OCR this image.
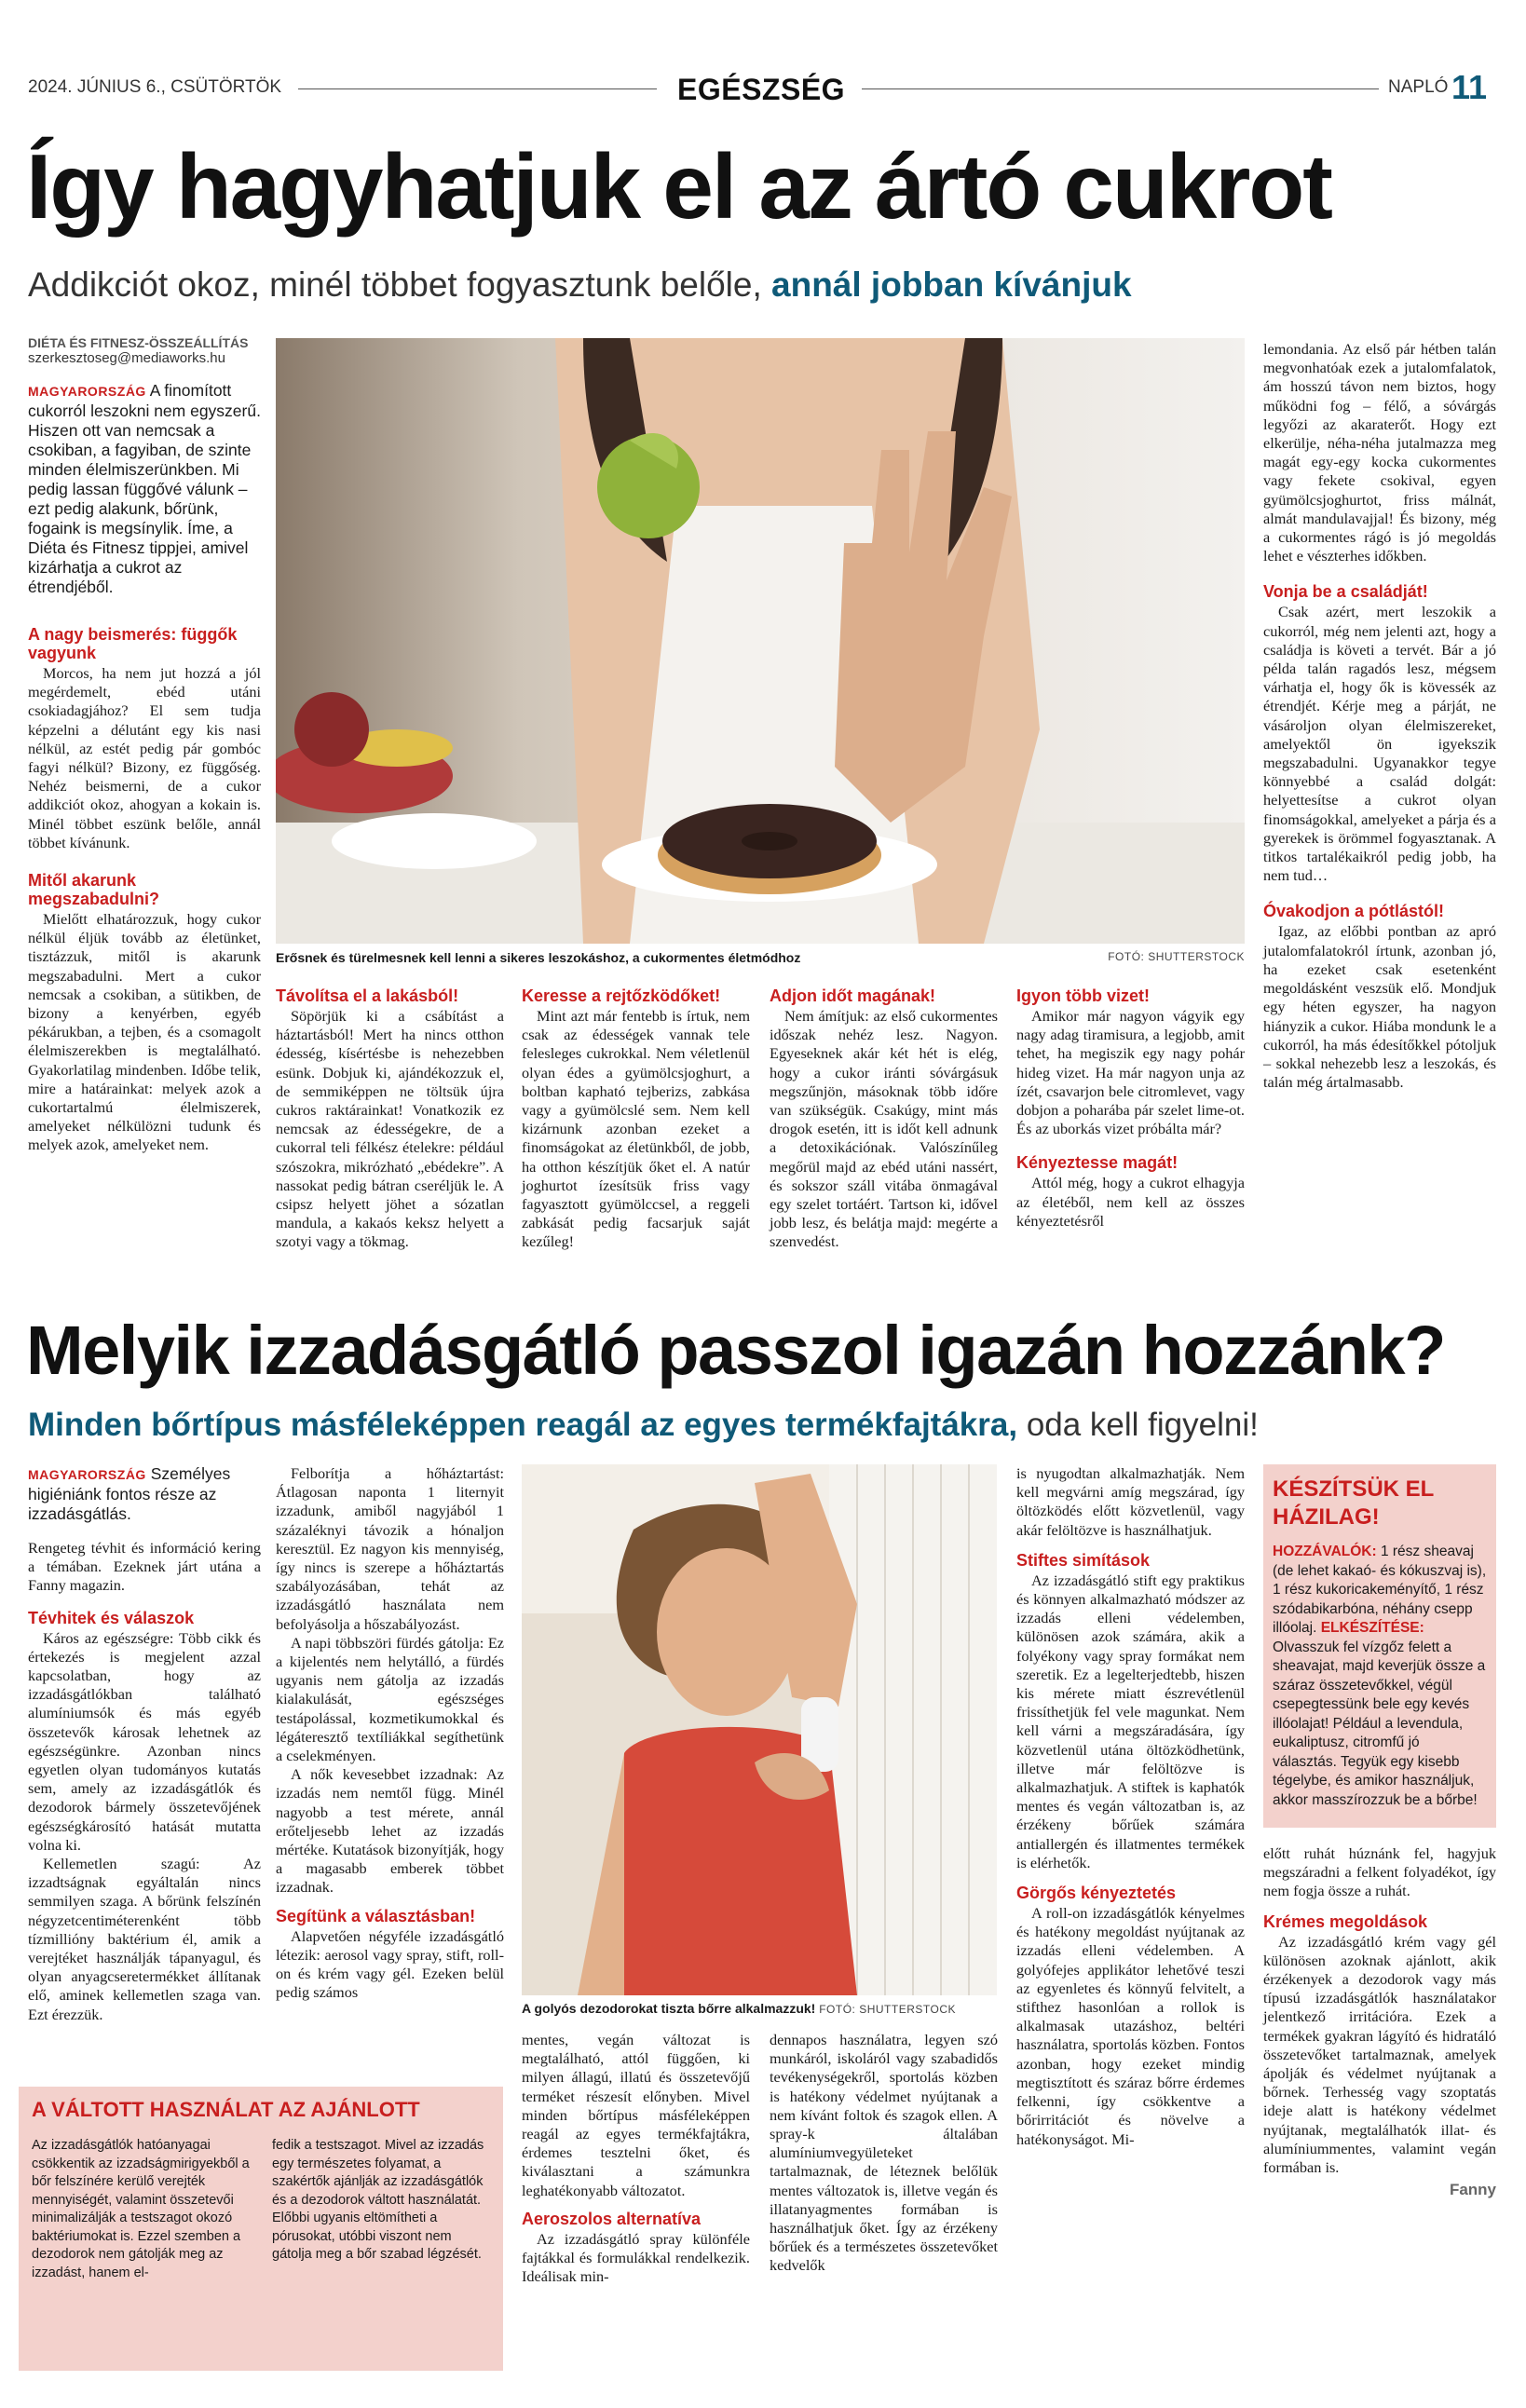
2024. JÚNIUS 6., CSÜTÖRTÖK	EGÉSZSÉG	NAPLÓ 11
Így hagyhatjuk el az ártó cukrot
Addikciót okoz, minél többet fogyasztunk belőle, annál jobban kívánjuk
DIÉTA ÉS FITNESZ-ÖSSZEÁLLÍTÁS
szerkesztoseg@mediaworks.hu

MAGYARORSZÁG A finomított cukorról leszokni nem egyszerű. Hiszen ott van nemcsak a csokiban, a fagyiban, de szinte minden élelmiszerünkben. Mi pedig lassan függővé válunk – ezt pedig alakunk, bőrünk, fogaink is megsínylik. Íme, a Diéta és Fitnesz tippjei, amivel kizárhatja a cukrot az étrendjéből.

A nagy beismerés: függők vagyunk

Morcos, ha nem jut hozzá a jól megérdemelt, ebéd utáni csokiadagjához? El sem tudja képzelni a délutánt egy kis nasi nélkül, az estét pedig pár gombóc fagyi nélkül? Bizony, ez függőség. Nehéz beismerni, de a cukor addikciót okoz, ahogyan a kokain is. Minél többet eszünk belőle, annál többet kívánunk.

Mitől akarunk megszabadulni?

Mielőtt elhatározzuk, hogy cukor nélkül éljük tovább az életünket, tisztázzuk, mitől is akarunk megszabadulni. Mert a cukor nemcsak a csokiban, a sütikben, de bizony a kenyérben, egyéb pékárukban, a tejben, és a csomagolt élelmiszerekben is megtalálható. Gyakorlatilag mindenben. Időbe telik, mire a határainkat: melyek azok a cukortartalmú élelmiszerek, amelyeket nélkülözni tudunk és melyek azok, amelyeket nem.

Erősnek és türelmesnek kell lenni a sikeres leszokáshoz, a cukormentes életmódhoz	FOTÓ: SHUTTERSTOCK
Távolítsa el a lakásból!

Söpörjük ki a csábítást a háztartásból! Mert ha nincs otthon édesség, kísértésbe is nehezebben esünk. Dobjuk ki, ajándékozzuk el, de semmiképpen ne töltsük újra cukros raktárainkat! Vonatkozik ez nemcsak az édességekre, de a cukorral teli félkész ételekre: például szószokra, mikrózható „ebédekre”. A nassokat pedig bátran cseréljük le. A csipsz helyett jöhet a sózatlan mandula, a kakaós keksz helyett a szotyi vagy a tökmag.

Keresse a rejtőzködőket!

Mint azt már fentebb is írtuk, nem csak az édességek vannak tele felesleges cukrokkal. Nem véletlenül olyan édes a gyümölcsjoghurt, a boltban kapható tejberizs, zabkása vagy a gyümölcslé sem. Nem kell kizárnunk azonban ezeket a finomságokat az életünkből, de jobb, ha otthon készítjük őket el. A natúr joghurtot ízesítsük friss vagy fagyasztott gyümölccsel, a reggeli zabkását pedig facsarjuk saját kezűleg!

Adjon időt magának!

Nem ámítjuk: az első cukormentes időszak nehéz lesz. Nagyon. Egyeseknek akár két hét is elég, hogy a cukor iránti sóvárgásuk megszűnjön, másoknak több időre van szükségük. Csakúgy, mint más drogok esetén, itt is időt kell adnunk a detoxikációnak. Valószínűleg megőrül majd az ebéd utáni nassért, és sokszor száll vitába önmagával egy szelet tortáért. Tartson ki, idővel jobb lesz, és belátja majd: megérte a szenvedést.

Igyon több vizet!

Amikor már nagyon vágyik egy nagy adag tiramisura, a legjobb, amit tehet, ha megiszik egy nagy pohár hideg vizet. Ha már nagyon unja az ízét, csavarjon bele citromlevet, vagy dobjon a poharába pár szelet lime-ot. És az uborkás vizet próbálta már?

Kényeztesse magát!

Attól még, hogy a cukrot elhagyja az életéből, nem kell az összes kényeztetésről

lemondania. Az első pár hétben talán megvonhatóak ezek a jutalomfalatok, ám hosszú távon nem biztos, hogy működni fog – félő, a sóvárgás legyőzi az akaraterőt. Hogy ezt elkerülje, néha-néha jutalmazza meg magát egy-egy kocka cukormentes vagy fekete csokival, egyen gyümölcsjoghurtot, friss málnát, almát mandulavajjal! És bizony, még a cukormentes rágó is jó megoldás lehet e vészterhes időkben.

Vonja be a családját!

Csak azért, mert leszokik a cukorról, még nem jelenti azt, hogy a családja is követi a tervét. Bár a jó példa talán ragadós lesz, mégsem várhatja el, hogy ők is kövessék az étrendjét. Kérje meg a párját, ne vásároljon olyan élelmiszereket, amelyektől ön igyekszik megszabadulni. Ugyanakkor tegye könnyebbé a család dolgát: helyettesítse a cukrot olyan finomságokkal, amelyeket a párja és a gyerekek is örömmel fogyasztanak. A titkos tartalékaikról pedig jobb, ha nem tud…

Óvakodjon a pótlástól!

Igaz, az előbbi pontban az apró jutalomfalatokról írtunk, azonban jó, ha ezeket csak esetenként megoldásként veszsük elő. Mondjuk egy héten egyszer, ha nagyon hiányzik a cukor. Hiába mondunk le a cukorról, ha más édesítőkkel pótoljuk – sokkal nehezebb lesz a leszokás, és talán még ártalmasabb.

Melyik izzadásgátló passzol igazán hozzánk?
Minden bőrtípus másféleképpen reagál az egyes termékfajtákra, oda kell figyelni!

MAGYARORSZÁG Személyes higiéniánk fontos része az izzadásgátlás.

Rengeteg tévhit és információ kering a témában. Ezeknek járt utána a Fanny magazin.

Tévhitek és válaszok

Káros az egészségre: Több cikk és értekezés is megjelent azzal kapcsolatban, hogy az izzadásgátlókban található alumíniumsók és más egyéb összetevők károsak lehetnek az egészségünkre. Azonban nincs egyetlen olyan tudományos kutatás sem, amely az izzadásgátlók és dezodorok bármely összetevőjének egészségkárosító hatását mutatta volna ki.

Kellemetlen szagú: Az izzadtságnak egyáltalán nincs semmilyen szaga. A bőrünk felszínén négyzetcentiméterenként több tízmillióny baktérium él, amik a verejtéket használják tápanyagul, és olyan anyagcseretermékket állítanak elő, aminek kellemetlen szaga van. Ezt érezzük.

Felborítja a hőháztartást: Átlagosan naponta 1 liternyit izzadunk, amiből nagyjából 1 százaléknyi távozik a hónaljon keresztül. Ez nagyon kis mennyiség, így nincs is szerepe a hőháztartás szabályozásában, tehát az izzadásgátló használata nem befolyásolja a hőszabályozást.

A napi többszöri fürdés gátolja: Ez a kijelentés nem helytálló, a fürdés ugyanis nem gátolja az izzadás kialakulását, egészséges testápolással, kozmetikumokkal és légáteresztő textíliákkal segíthetünk a cselekményen.

A nők kevesebbet izzadnak: Az izzadás nem nemtől függ. Minél nagyobb a test mérete, annál erőteljesebb lehet az izzadás mértéke. Kutatások bizonyítják, hogy a magasabb emberek többet izzadnak.

Segítünk a választásban!

Alapvetően négyféle izzadásgátló létezik: aerosol vagy spray, stift, roll-on és krém vagy gél. Ezeken belül pedig számos

A golyós dezodorokat tiszta bőrre alkalmazzuk! FOTÓ: SHUTTERSTOCK

mentes, vegán változat is megtalálható, attól függően, ki milyen állagú, illatú és összetevőjű terméket részesít előnyben. Mivel minden bőrtípus másféleképpen reagál az egyes termékfajtákra, érdemes tesztelni őket, és kiválasztani a számunkra leghatékonyabb változatot.

Aeroszolos alternatíva

Az izzadásgátló spray különféle fajtákkal és formulákkal rendelkezik. Ideálisak min-

dennapos használatra, legyen szó munkáról, iskoláról vagy szabadidős tevékenységekről, sportolás közben is hatékony védelmet nyújtanak a nem kívánt foltok és szagok ellen. A spray-k általában alumíniumvegyületeket tartalmaznak, de léteznek belőlük mentes változatok is, illetve vegán és illatanyagmentes formában is használhatjuk őket. Így az érzékeny bőrűek és a természetes összetevőket kedvelők

is nyugodtan alkalmazhatják. Nem kell megvárni amíg megszárad, így öltözködés előtt közvetlenül, vagy akár felöltözve is használhatjuk.

Stiftes simítások

Az izzadásgátló stift egy praktikus és könnyen alkalmazható módszer az izzadás elleni védelemben, különösen azok számára, akik a folyékony vagy spray formákat nem szeretik. Ez a legelterjedtebb, hiszen kis mérete miatt észrevétlenül frissíthetjük fel vele magunkat. Nem kell várni a megszáradására, így közvetlenül utána öltözködhetünk, illetve már felöltözve is alkalmazhatjuk. A stiftek is kaphatók mentes és vegán változatban is, az érzékeny bőrűek számára antiallergén és illatmentes termékek is elérhetők.

Görgős kényeztetés

A roll-on izzadásgátlók kényelmes és hatékony megoldást nyújtanak az izzadás elleni védelemben. A golyófejes applikátor lehetővé teszi az egyenletes és könnyű felvitelt, a stifthez hasonlóan a rollok is alkalmasak utazáshoz, beltéri használatra, sportolás közben. Fontos azonban, hogy ezeket mindig megtisztított és száraz bőrre érdemes felkenni, így csökkentve a bőrirritációt és növelve a hatékonyságot. Mi-

KÉSZÍTSÜK EL HÁZILAG!
HOZZÁVALÓK: 1 rész sheavaj (de lehet kakaó- és kókuszvaj is), 1 rész kukoricakeményítő, 1 rész szódabikarbóna, néhány csepp illóolaj. ELKÉSZÍTÉSE: Olvasszuk fel vízgőz felett a sheavajat, majd keverjük össze a száraz összetevőkkel, végül csepegtessünk bele egy kevés illóolajat! Például a levendula, eukaliptusz, citromfű jó választás. Tegyük egy kisebb tégelybe, és amikor használjuk, akkor masszírozzuk be a bőrbe!

előtt ruhát húznánk fel, hagyjuk megszáradni a felkent folyadékot, így nem fogja össze a ruhát.

Krémes megoldások

Az izzadásgátló krém vagy gél különösen azoknak ajánlott, akik érzékenyek a dezodorok vagy más típusú izzadásgátlók használatakor jelentkező irritációra. Ezek a termékek gyakran lágyító és hidratáló összetevőket tartalmaznak, amelyek ápolják és védelmet nyújtanak a bőrnek. Terhesség vagy szoptatás ideje alatt is hatékony védelmet nyújtanak, megtalálhatók illat- és alumíniummentes, valamint vegán formában is.

Fanny
A VÁLTOTT HASZNÁLAT AZ AJÁNLOTT
Az izzadásgátlók hatóanyagai csökkentik az izzadságmirigyekből a bőr felszínére kerülő verejték mennyiségét, valamint összetevői minimalizálják a testszagot okozó baktériumokat is. Ezzel szemben a dezodorok nem gátolják meg az izzadást, hanem el-
fedik a testszagot. Mivel az izzadás egy természetes folyamat, a szakértők ajánlják az izzadásgátlók és a dezodorok váltott használatát. Előbbi ugyanis eltömítheti a pórusokat, utóbbi viszont nem gátolja meg a bőr szabad légzését.
